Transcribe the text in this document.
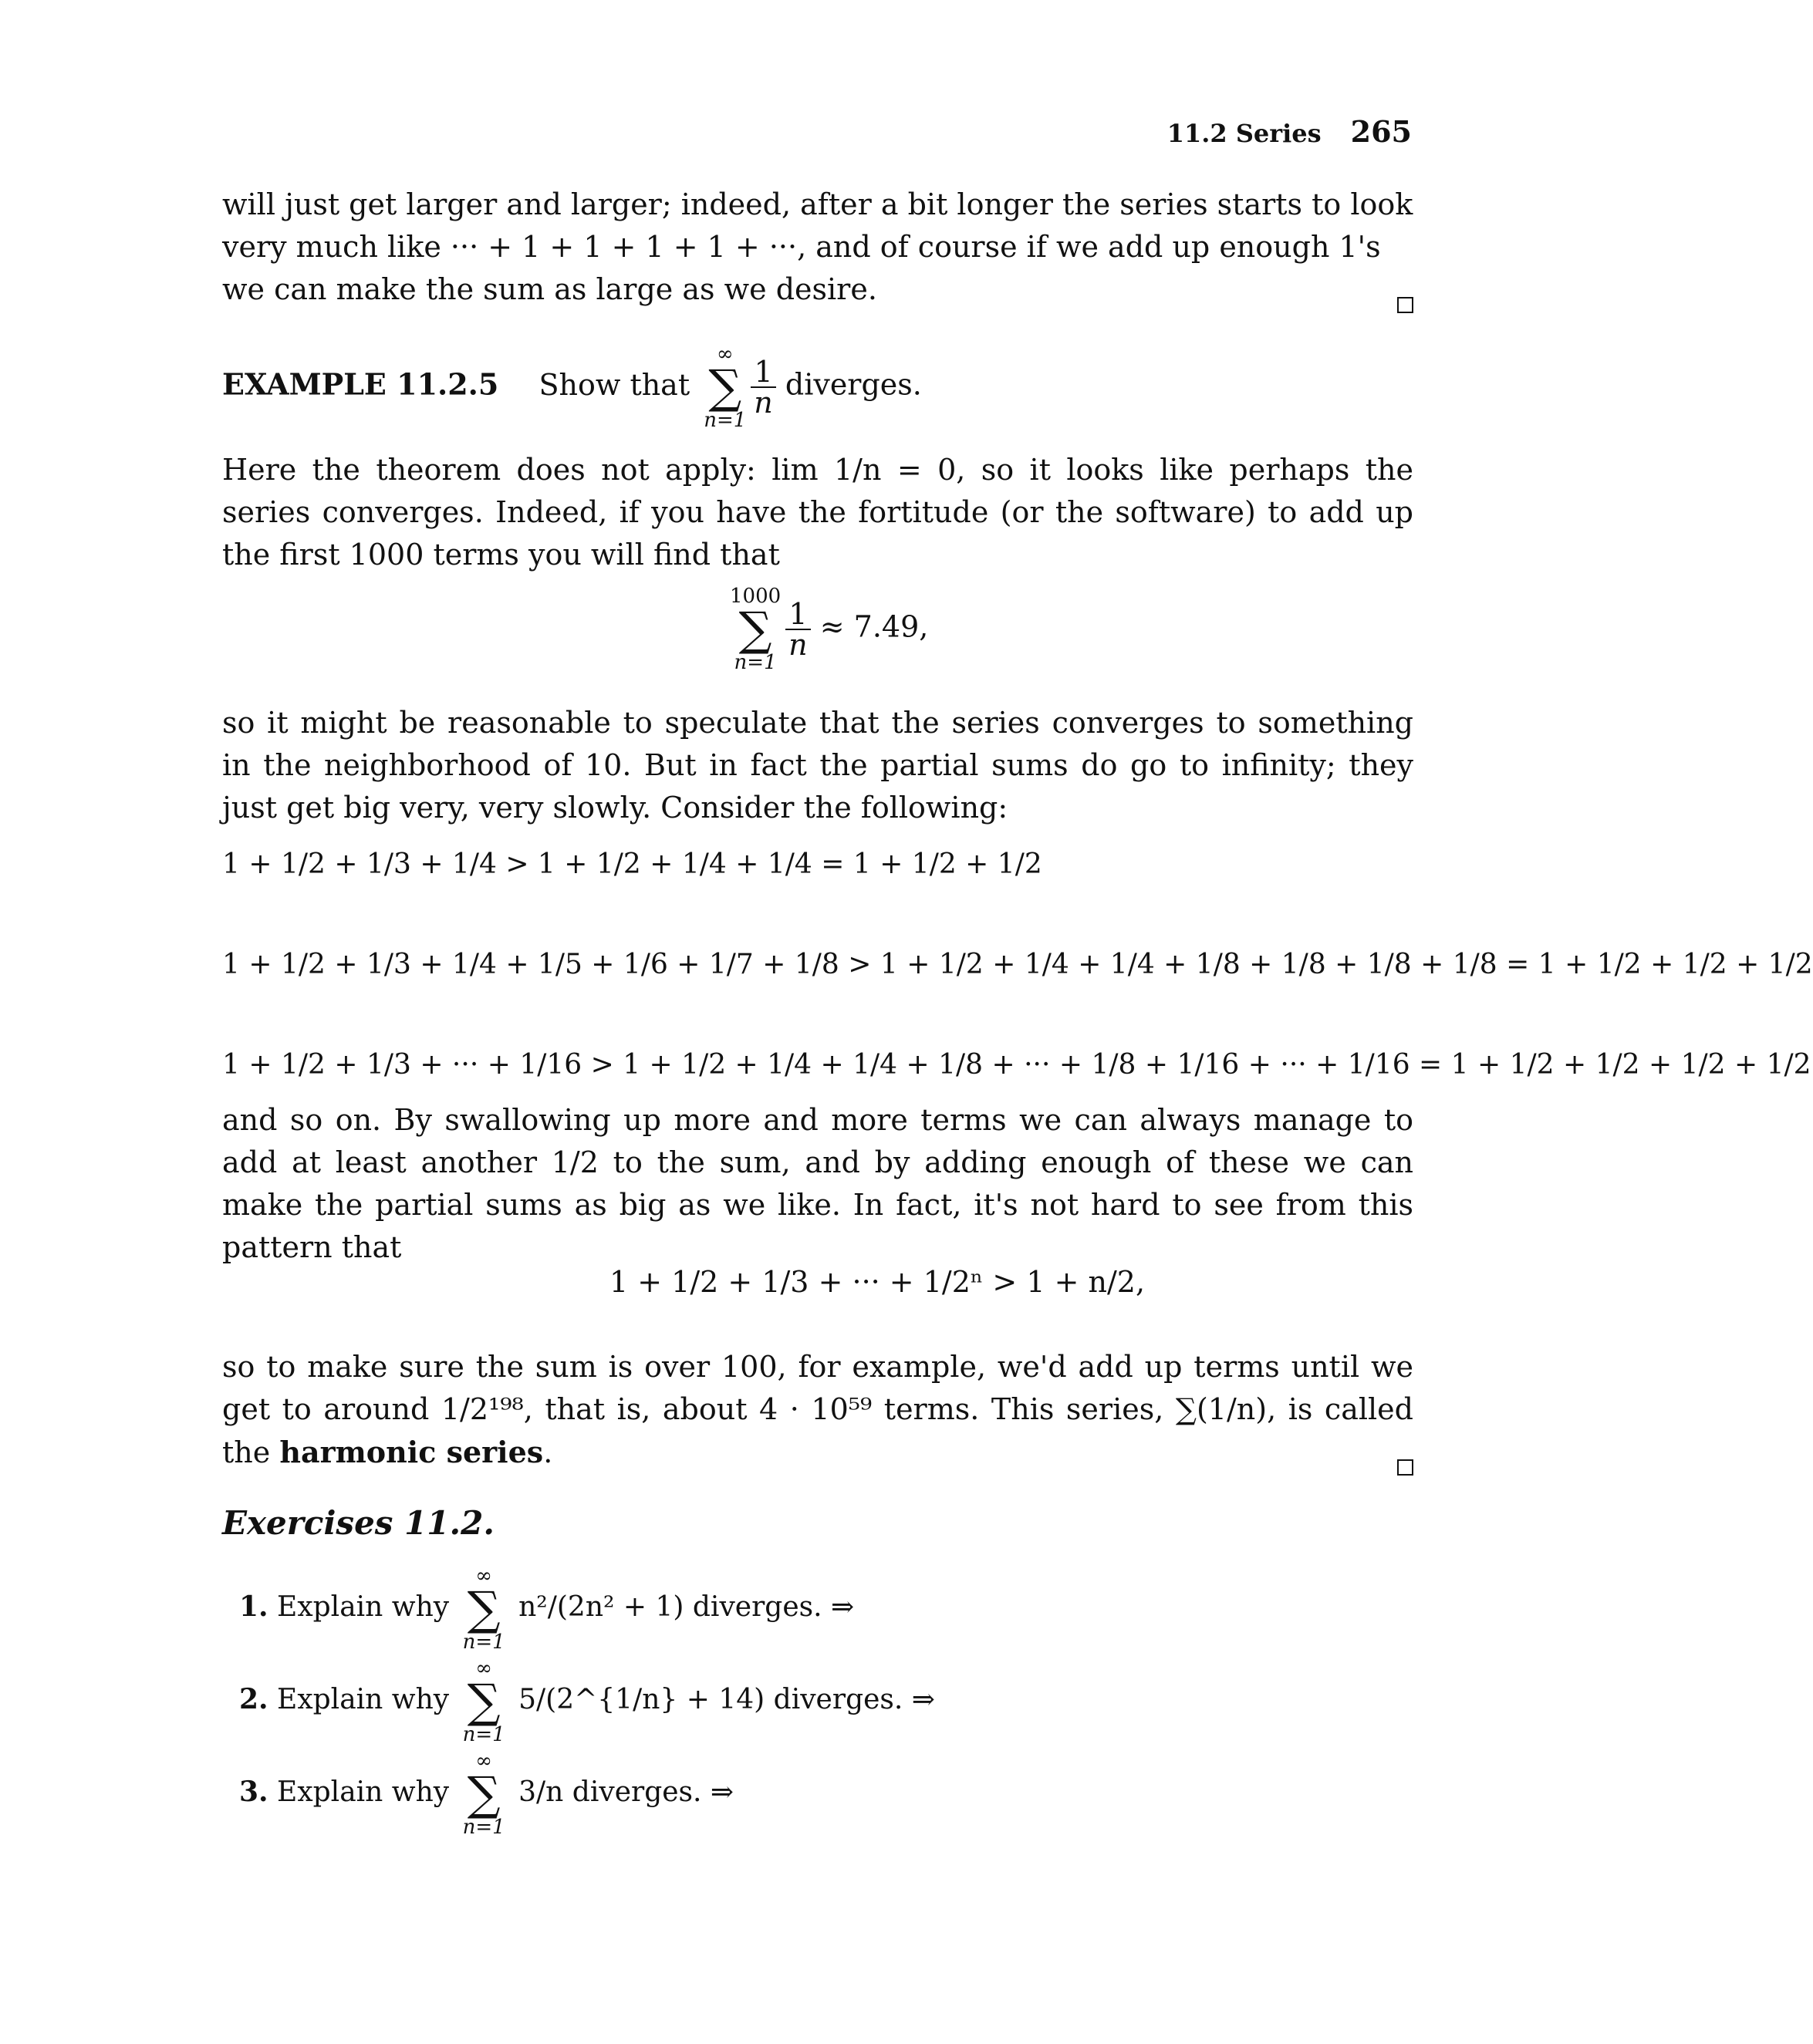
11.2 Series 265
will just get larger and larger; indeed, after a bit longer the series starts to look very much like ··· + 1 + 1 + 1 + 1 + ···, and of course if we add up enough 1's we can make the sum as large as we desire.
EXAMPLE 11.2.5 Show that
∞
∑
n=1
$\frac{1}{n}$ diverges.
Here the theorem does not apply: lim 1/n = 0, so it looks like perhaps the series converges. Indeed, if you have the fortitude (or the software) to add up the first 1000 terms you will find that
1000
∑
n=1
$\frac{1}{n} \approx 7.49$,
so it might be reasonable to speculate that the series converges to something in the neighborhood of 10. But in fact the partial sums do go to infinity; they just get big very, very slowly. Consider the following:
1 + 1/2 + 1/3 + 1/4 > 1 + 1/2 + 1/4 + 1/4 = 1 + 1/2 + 1/2
1 + 1/2 + 1/3 + 1/4 + 1/5 + 1/6 + 1/7 + 1/8 > 1 + 1/2 + 1/4 + 1/4 + 1/8 + 1/8 + 1/8 + 1/8 = 1 + 1/2 + 1/2 + 1/2
1 + 1/2 + 1/3 + ··· + 1/16 > 1 + 1/2 + 1/4 + 1/4 + 1/8 + ··· + 1/8 + 1/16 + ··· + 1/16 = 1 + 1/2 + 1/2 + 1/2 + 1/2
and so on. By swallowing up more and more terms we can always manage to add at least another 1/2 to the sum, and by adding enough of these we can make the partial sums as big as we like. In fact, it's not hard to see from this pattern that
1 + 1/2 + 1/3 + ··· + 1/2ⁿ > 1 + n/2,
so to make sure the sum is over 100, for example, we'd add up terms until we get to around 1/2¹⁹⁸, that is, about 4 · 10⁵⁹ terms. This series, ∑(1/n), is called the harmonic series.
Exercises 11.2.
1. Explain why
∞
∑
n=1
n²/(2n² + 1) diverges. ⇒
2. Explain why
∞
∑
n=1
5/(2^{1/n} + 14) diverges. ⇒
3. Explain why
∞
∑
n=1
3/n diverges. ⇒
